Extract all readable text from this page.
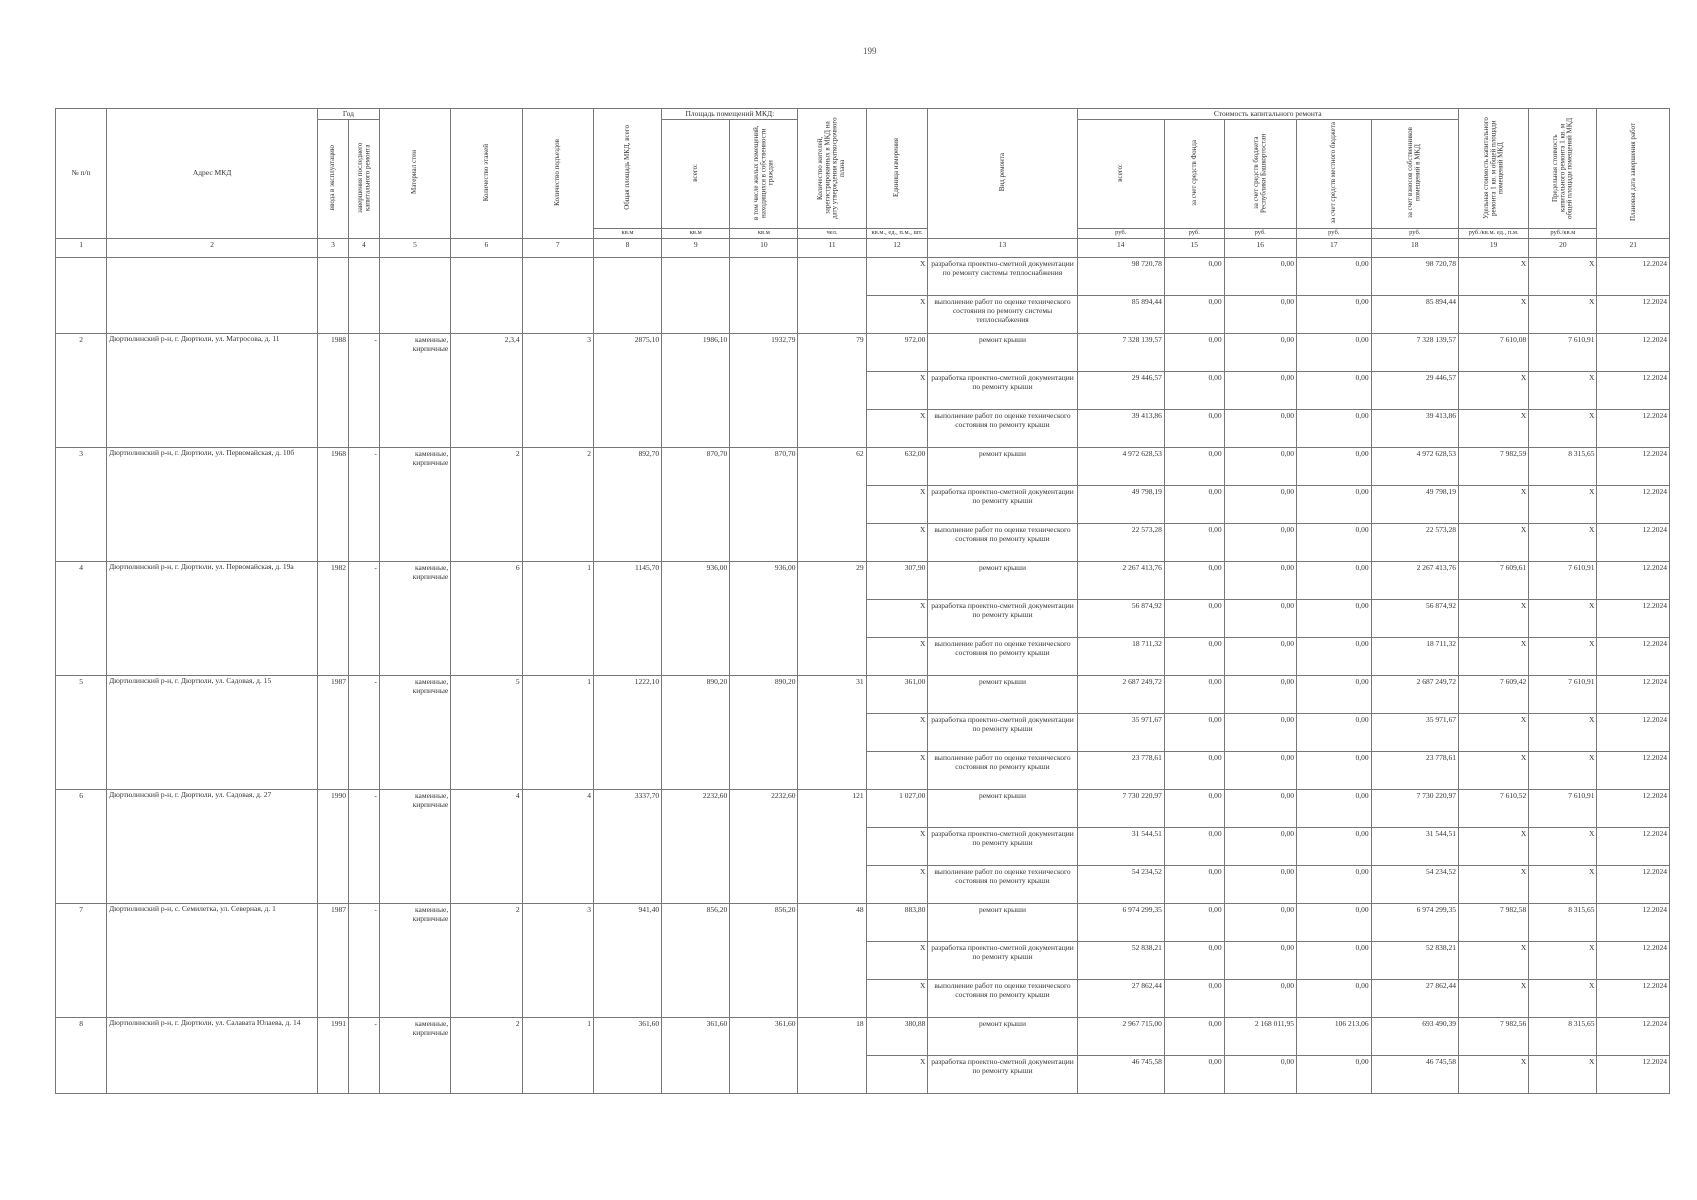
199
№ п/п	Адрес МКД	Год		Материал стен	Количество этажей	Количество подъездов	Общая площадь МКД, всего	Площадь помещений МКД:		Количество жителей, зарегистрированных в МКД на дату утверждения краткосрочного плана	Единица измерения	Вид ремонта	Стоимость капитального ремонта					Удельная стоимость капитального ремонта 1 кв. м общей площади помещений МКД	Предельная стоимость капитального ремонта 1 кв. м общей площади помещений МКД	Плановая дата завершения работ
		ввода в эксплуатацию	завершения последнего капитального ремонта					всего:	в том числе жилых помещений, находящихся в собственности граждан				всего:	за счет средств Фонда	за счет средств бюджета Республики Башкортостан	за счет средств местного бюджета	за счет взносов собственников помещений в МКД			
							кв.м	кв.м	кв.м	чел.	кв.м., ед., п.м., шт.		руб.	руб.	руб.	руб.	руб.	руб./кв.м. ед., п.м.	руб./кв.м	
1	2	3	4	5	6	7	8	9	10	11	12	13	14	15	16	17	18	19	20	21
											X	разработка проектно-сметной документации по ремонту системы теплоснабжения	98 720,78	0,00	0,00	0,00	98 720,78	X	X	12.2024
											X	выполнение работ по оценке технического состояния по ремонту системы теплоснабжения	85 894,44	0,00	0,00	0,00	85 894,44	X	X	12.2024
2	Дюртюлинский р-н, г. Дюртюли, ул. Матросова, д. 11	1988	-	каменные, кирпичные	2,3,4	3	2875,10	1986,10	1932,79	79	972,00	ремонт крыши	7 328 139,57	0,00	0,00	0,00	7 328 139,57	7 610,08	7 610,91	12.2024
											X	разработка проектно-сметной документации по ремонту крыши	29 446,57	0,00	0,00	0,00	29 446,57	X	X	12.2024
											X	выполнение работ по оценке технического состояния по ремонту крыши	39 413,86	0,00	0,00	0,00	39 413,86	X	X	12.2024
3	Дюртюлинский р-н, г. Дюртюли, ул. Первомайская, д. 10б	1968	-	каменные, кирпичные	2	2	892,70	870,70	870,70	62	632,00	ремонт крыши	4 972 628,53	0,00	0,00	0,00	4 972 628,53	7 982,59	8 315,65	12.2024
											X	разработка проектно-сметной документации по ремонту крыши	49 798,19	0,00	0,00	0,00	49 798,19	X	X	12.2024
											X	выполнение работ по оценке технического состояния по ремонту крыши	22 573,28	0,00	0,00	0,00	22 573,28	X	X	12.2024
4	Дюртюлинский р-н, г. Дюртюли, ул. Первомайская, д. 19а	1982	-	каменные, кирпичные	6	1	1145,70	936,00	936,00	29	307,90	ремонт крыши	2 267 413,76	0,00	0,00	0,00	2 267 413,76	7 609,61	7 610,91	12.2024
											X	разработка проектно-сметной документации по ремонту крыши	56 874,92	0,00	0,00	0,00	56 874,92	X	X	12.2024
											X	выполнение работ по оценке технического состояния по ремонту крыши	18 711,32	0,00	0,00	0,00	18 711,32	X	X	12.2024
5	Дюртюлинский р-н, г. Дюртюли, ул. Садовая, д. 15	1987	-	каменные, кирпичные	5	1	1222,10	890,20	890,20	31	361,00	ремонт крыши	2 687 249,72	0,00	0,00	0,00	2 687 249,72	7 609,42	7 610,91	12.2024
											X	разработка проектно-сметной документации по ремонту крыши	35 971,67	0,00	0,00	0,00	35 971,67	X	X	12.2024
											X	выполнение работ по оценке технического состояния по ремонту крыши	23 778,61	0,00	0,00	0,00	23 778,61	X	X	12.2024
6	Дюртюлинский р-н, г. Дюртюли, ул. Садовая, д. 27	1990	-	каменные, кирпичные	4	4	3337,70	2232,60	2232,60	121	1 027,00	ремонт крыши	7 730 220,97	0,00	0,00	0,00	7 730 220,97	7 610,52	7 610,91	12.2024
											X	разработка проектно-сметной документации по ремонту крыши	31 544,51	0,00	0,00	0,00	31 544,51	X	X	12.2024
											X	выполнение работ по оценке технического состояния по ремонту крыши	54 234,52	0,00	0,00	0,00	54 234,52	X	X	12.2024
7	Дюртюлинский р-н, с. Семилетка, ул. Северная, д. 1	1987	-	каменные, кирпичные	2	3	941,40	856,20	856,20	48	883,80	ремонт крыши	6 974 299,35	0,00	0,00	0,00	6 974 299,35	7 982,58	8 315,65	12.2024
											X	разработка проектно-сметной документации по ремонту крыши	52 838,21	0,00	0,00	0,00	52 838,21	X	X	12.2024
											X	выполнение работ по оценке технического состояния по ремонту крыши	27 862,44	0,00	0,00	0,00	27 862,44	X	X	12.2024
8	Дюртюлинский р-н, г. Дюртюли, ул. Салавата Юлаева, д. 14	1991	-	каменные, кирпичные	2	1	361,60	361,60	361,60	18	380,88	ремонт крыши	2 967 715,00	0,00	2 168 011,95	106 213,06	693 490,39	7 982,56	8 315,65	12.2024
											X	разработка проектно-сметной документации по ремонту крыши	46 745,58	0,00	0,00	0,00	46 745,58	X	X	12.2024
